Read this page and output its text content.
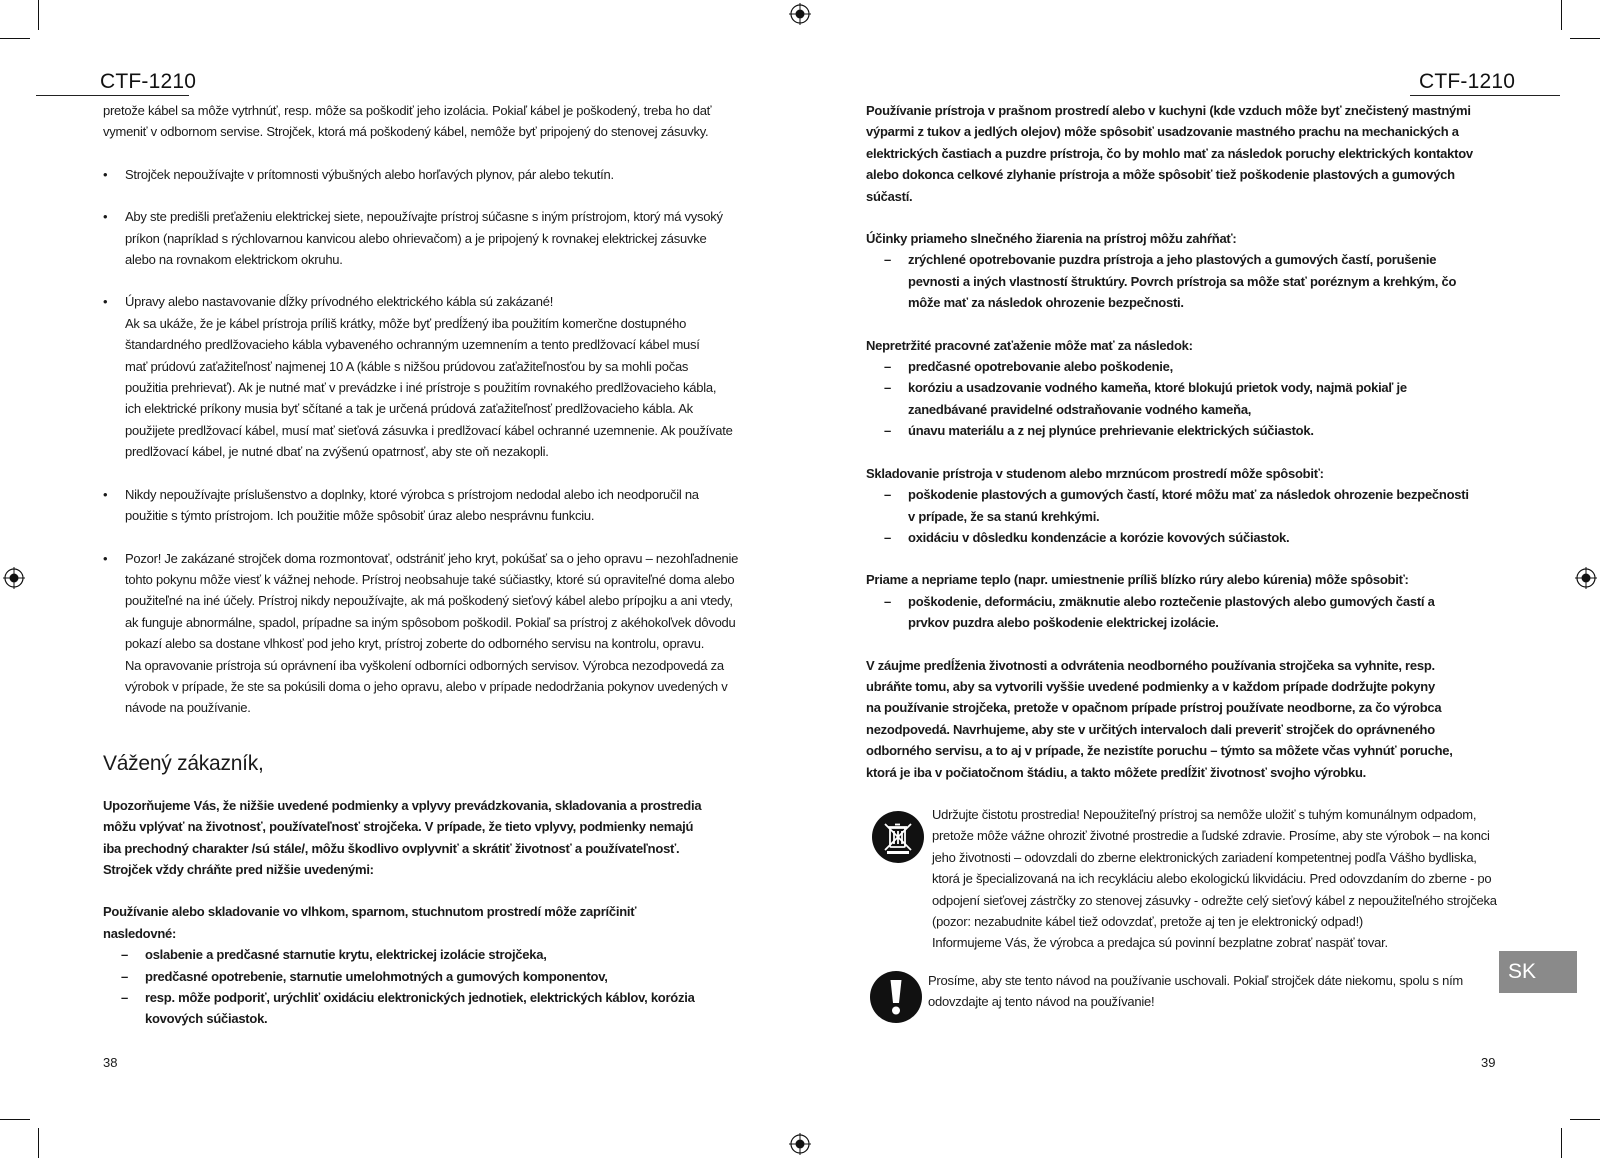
CTF-1210	CTF-1210

pretože kábel sa môže vytrhnúť, resp. môže sa poškodiť jeho izolácia. Pokiaľ kábel je poškodený, treba ho dať

vymeniť v odbornom servise. Strojček, ktorá má poškodený kábel, nemôže byť pripojený do stenovej zásuvky.

• Strojček nepoužívajte v prítomnosti výbušných alebo horľavých plynov, pár alebo tekutín.

• Aby ste predišli preťaženiu elektrickej siete, nepoužívajte prístroj súčasne s iným prístrojom, ktorý má vysoký

príkon (napríklad s rýchlovarnou kanvicou alebo ohrievačom) a je pripojený k rovnakej elektrickej zásuvke

alebo na rovnakom elektrickom okruhu.

• Úpravy alebo nastavovanie dĺžky prívodného elektrického kábla sú zakázané!

Ak sa ukáže, že je kábel prístroja príliš krátky, môže byť predĺžený iba použitím komerčne dostupného

štandardného predlžovacieho kábla vybaveného ochranným uzemnením a tento predlžovací kábel musí

mať prúdovú zaťažiteľnosť najmenej 10 A (káble s nižšou prúdovou zaťažiteľnosťou by sa mohli počas

použitia prehrievať). Ak je nutné mať v prevádzke i iné prístroje s použitím rovnakého predlžovacieho kábla,

ich elektrické príkony musia byť sčítané a tak je určená prúdová zaťažiteľnosť predlžovacieho kábla. Ak

použijete predlžovací kábel, musí mať sieťová zásuvka i predlžovací kábel ochranné uzemnenie. Ak používate

predlžovací kábel, je nutné dbať na zvýšenú opatrnosť, aby ste oň nezakopli.

• Nikdy nepoužívajte príslušenstvo a doplnky, ktoré výrobca s prístrojom nedodal alebo ich neodporučil na

použitie s týmto prístrojom. Ich použitie môže spôsobiť úraz alebo nesprávnu funkciu.

• Pozor! Je zakázané strojček doma rozmontovať, odstrániť jeho kryt, pokúšať sa o jeho opravu – nezohľadnenie

tohto pokynu môže viesť k vážnej nehode. Prístroj neobsahuje také súčiastky, ktoré sú opraviteľné doma alebo

použiteľné na iné účely. Prístroj nikdy nepoužívajte, ak má poškodený sieťový kábel alebo prípojku a ani vtedy,

ak funguje abnormálne, spadol, prípadne sa iným spôsobom poškodil. Pokiaľ sa prístroj z akéhokoľvek dôvodu

pokazí alebo sa dostane vlhkosť pod jeho kryt, prístroj zoberte do odborného servisu na kontrolu, opravu.

Na opravovanie prístroja sú oprávnení iba vyškolení odborníci odborných servisov. Výrobca nezodpovedá za

výrobok v prípade, že ste sa pokúsili doma o jeho opravu, alebo v prípade nedodržania pokynov uvedených v

návode na používanie.

Vážený zákazník,

Upozorňujeme Vás, že nižšie uvedené podmienky a vplyvy prevádzkovania, skladovania a prostredia

môžu vplývať na životnosť, používateľnosť strojčeka. V prípade, že tieto vplyvy, podmienky nemajú

iba prechodný charakter /sú stále/, môžu škodlivo ovplyvniť a skrátiť životnosť a používateľnosť.

Strojček vždy chráňte pred nižšie uvedenými:

Používanie alebo skladovanie vo vlhkom, sparnom, stuchnutom prostredí môže zapríčiniť

nasledovné:

– oslabenie a predčasné starnutie krytu, elektrickej izolácie strojčeka,

– predčasné opotrebenie, starnutie umelohmotných a gumových komponentov,

– resp. môže podporiť, urýchliť oxidáciu elektronických jednotiek, elektrických káblov, korózia

kovových súčiastok.

38

Používanie prístroja v prašnom prostredí alebo v kuchyni (kde vzduch môže byť znečistený mastnými

výparmi z tukov a jedlých olejov) môže spôsobiť usadzovanie mastného prachu na mechanických a

elektrických častiach a puzdre prístroja, čo by mohlo mať za následok poruchy elektrických kontaktov

alebo dokonca celkové zlyhanie prístroja a môže spôsobiť tiež poškodenie plastových a gumových

súčastí.

Účinky priameho slnečného žiarenia na prístroj môžu zahŕňať:

– zrýchlené opotrebovanie puzdra prístroja a jeho plastových a gumových častí, porušenie

pevnosti a iných vlastností štruktúry. Povrch prístroja sa môže stať poréznym a krehkým, čo

môže mať za následok ohrozenie bezpečnosti.

Nepretržité pracovné zaťaženie môže mať za následok:

– predčasné opotrebovanie alebo poškodenie,

– koróziu a usadzovanie vodného kameňa, ktoré blokujú prietok vody, najmä pokiaľ je

zanedbávané pravidelné odstraňovanie vodného kameňa,

– únavu materiálu a z nej plynúce prehrievanie elektrických súčiastok.

Skladovanie prístroja v studenom alebo mrznúcom prostredí môže spôsobiť:

– poškodenie plastových a gumových častí, ktoré môžu mať za následok ohrozenie bezpečnosti

v prípade, že sa stanú krehkými.

– oxidáciu v dôsledku kondenzácie a korózie kovových súčiastok.

Priame a nepriame teplo (napr. umiestnenie príliš blízko rúry alebo kúrenia) môže spôsobiť:

– poškodenie, deformáciu, zmäknutie alebo roztečenie plastových alebo gumových častí a

prvkov puzdra alebo poškodenie elektrickej izolácie.

V záujme predĺženia životnosti a odvrátenia neodborného používania strojčeka sa vyhnite, resp.

ubráňte tomu, aby sa vytvorili vyššie uvedené podmienky a v každom prípade dodržujte pokyny

na používanie strojčeka, pretože v opačnom prípade prístroj používate neodborne, za čo výrobca

nezodpovedá. Navrhujeme, aby ste v určitých intervaloch dali preveriť strojček do oprávneného

odborného servisu, a to aj v prípade, že nezistíte poruchu – týmto sa môžete včas vyhnúť poruche,

ktorá je iba v počiatočnom štádiu, a takto môžete predĺžiť životnosť svojho výrobku.

Udržujte čistotu prostredia! Nepoužiteľný prístroj sa nemôže uložiť s tuhým komunálnym odpadom,

pretože môže vážne ohroziť životné prostredie a ľudské zdravie. Prosíme, aby ste výrobok – na konci

jeho životnosti – odovzdali do zberne elektronických zariadení kompetentnej podľa Vášho bydliska,

ktorá je špecializovaná na ich recykláciu alebo ekologickú likvidáciu. Pred odovzdaním do zberne - po

odpojení sieťovej zástrčky zo stenovej zásuvky - odrežte celý sieťový kábel z nepoužiteľného strojčeka

(pozor: nezabudnite kábel tiež odovzdať, pretože aj ten je elektronický odpad!)

Informujeme Vás, že výrobca a predajca sú povinní bezplatne zobrať naspäť tovar.

Prosíme, aby ste tento návod na používanie uschovali. Pokiaľ strojček dáte niekomu, spolu s ním

odovzdajte aj tento návod na používanie!

SK
39
